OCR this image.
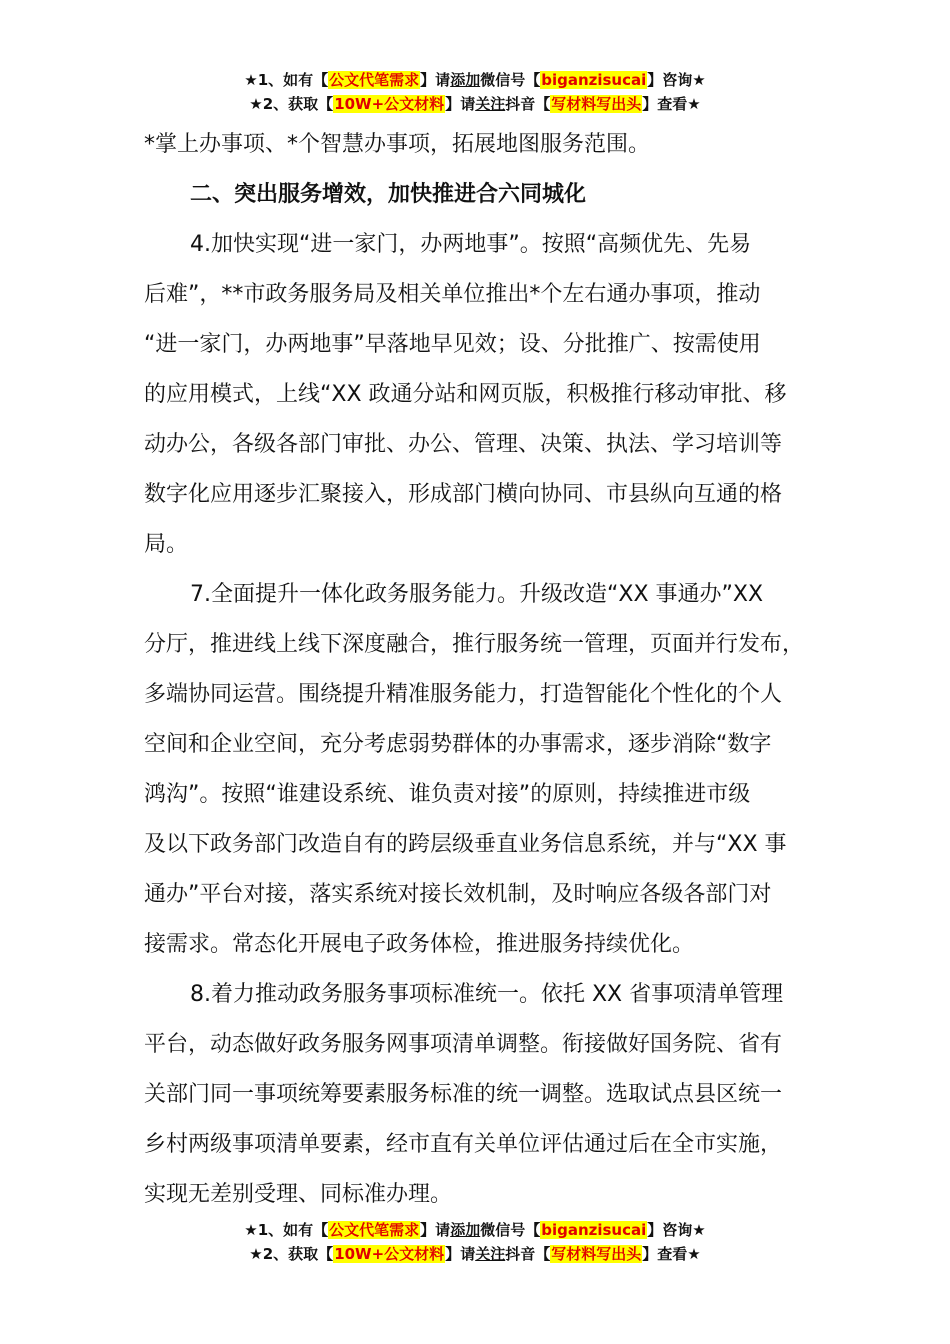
★1、如有【公文代笔需求】请添加微信号【biganzisucai】咨询★
★2、获取【10W+公文材料】请关注抖音【写材料写出头】查看★
*掌上办事项、*个智慧办事项，拓展地图服务范围。
二、突出服务增效，加快推进合六同城化
4.加快实现“进一家门，办两地事”。按照“高频优先、先易
后难”，**市政务服务局及相关单位推出*个左右通办事项，推动
“进一家门，办两地事”早落地早见效；设、分批推广、按需使用
的应用模式，上线“XX 政通分站和网页版，积极推行移动审批、移
动办公，各级各部门审批、办公、管理、决策、执法、学习培训等
数字化应用逐步汇聚接入，形成部门横向协同、市县纵向互通的格
局。
7.全面提升一体化政务服务能力。升级改造“XX 事通办”XX
分厅，推进线上线下深度融合，推行服务统一管理，页面并行发布，
多端协同运营。围绕提升精准服务能力，打造智能化个性化的个人
空间和企业空间，充分考虑弱势群体的办事需求，逐步消除“数字
鸿沟”。按照“谁建设系统、谁负责对接”的原则，持续推进市级
及以下政务部门改造自有的跨层级垂直业务信息系统，并与“XX 事
通办”平台对接，落实系统对接长效机制，及时响应各级各部门对
接需求。常态化开展电子政务体检，推进服务持续优化。
8.着力推动政务服务事项标准统一。依托 XX 省事项清单管理
平台，动态做好政务服务网事项清单调整。衔接做好国务院、省有
关部门同一事项统筹要素服务标准的统一调整。选取试点县区统一
乡村两级事项清单要素，经市直有关单位评估通过后在全市实施，
实现无差别受理、同标准办理。
★1、如有【公文代笔需求】请添加微信号【biganzisucai】咨询★
★2、获取【10W+公文材料】请关注抖音【写材料写出头】查看★
